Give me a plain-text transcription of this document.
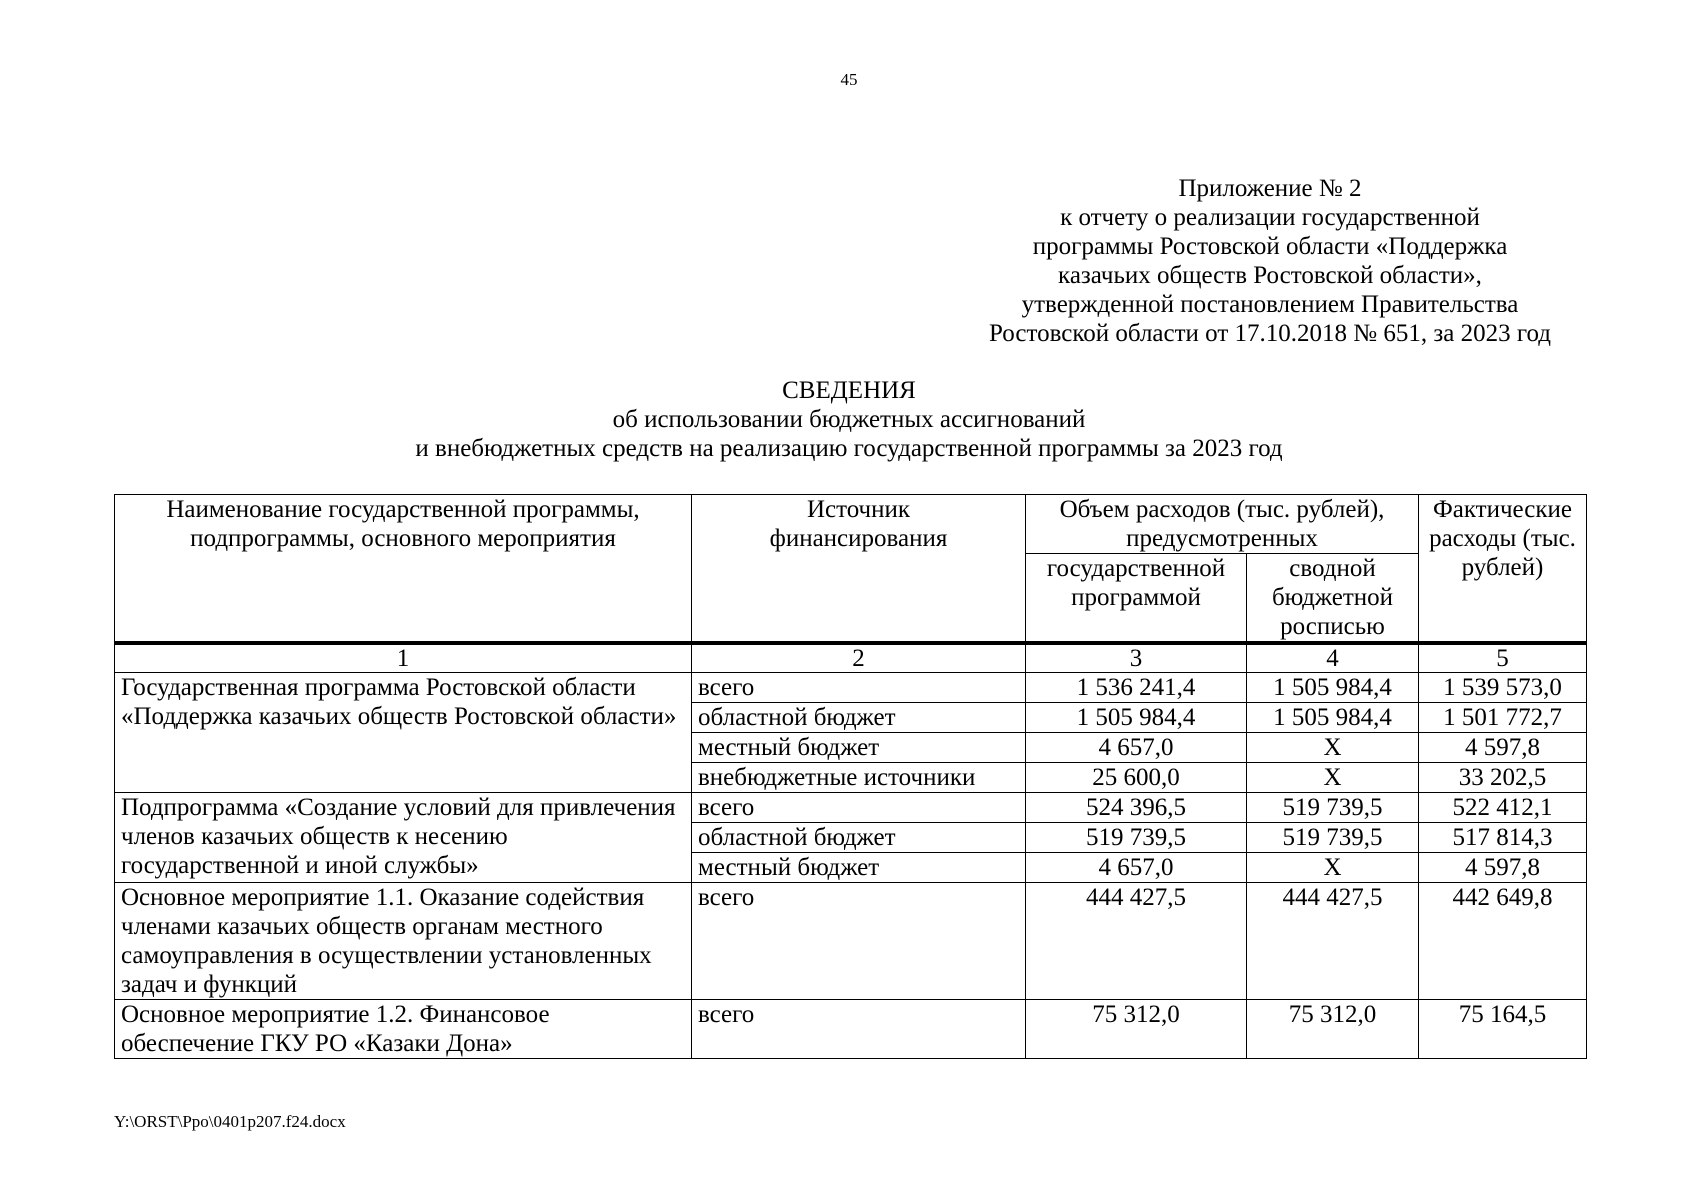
45
Приложение № 2
к отчету о реализации государственной
программы Ростовской области «Поддержка
казачьих обществ Ростовской области»,
утвержденной постановлением Правительства
Ростовской области от 17.10.2018 № 651, за 2023 год
СВЕДЕНИЯ
об использовании бюджетных ассигнований
и внебюджетных средств на реализацию государственной программы за 2023 год
Наименование государственной программы, подпрограммы, основного мероприятия	Источник финансирования	Объем расходов (тыс. рублей), предусмотренных		Фактические расходы (тыс. рублей)
		государственной программой	сводной бюджетной росписью	
1	2	3	4	5
Государственная программа Ростовской области «Поддержка казачьих обществ Ростовской области»	всего	1 536 241,4	1 505 984,4	1 539 573,0
	областной бюджет	1 505 984,4	1 505 984,4	1 501 772,7
	местный бюджет	4 657,0	Х	4 597,8
	внебюджетные источники	25 600,0	Х	33 202,5
Подпрограмма «Создание условий для привлечения членов казачьих обществ к несению государственной и иной службы»	всего	524 396,5	519 739,5	522 412,1
	областной бюджет	519 739,5	519 739,5	517 814,3
	местный бюджет	4 657,0	Х	4 597,8
Основное мероприятие 1.1. Оказание содействия членами казачьих обществ органам местного самоуправления в осуществлении установленных задач и функций	всего	444 427,5	444 427,5	442 649,8
Основное мероприятие 1.2. Финансовое обеспечение ГКУ РО «Казаки Дона»	всего	75 312,0	75 312,0	75 164,5
Y:\ORST\Ppo\0401p207.f24.docx
